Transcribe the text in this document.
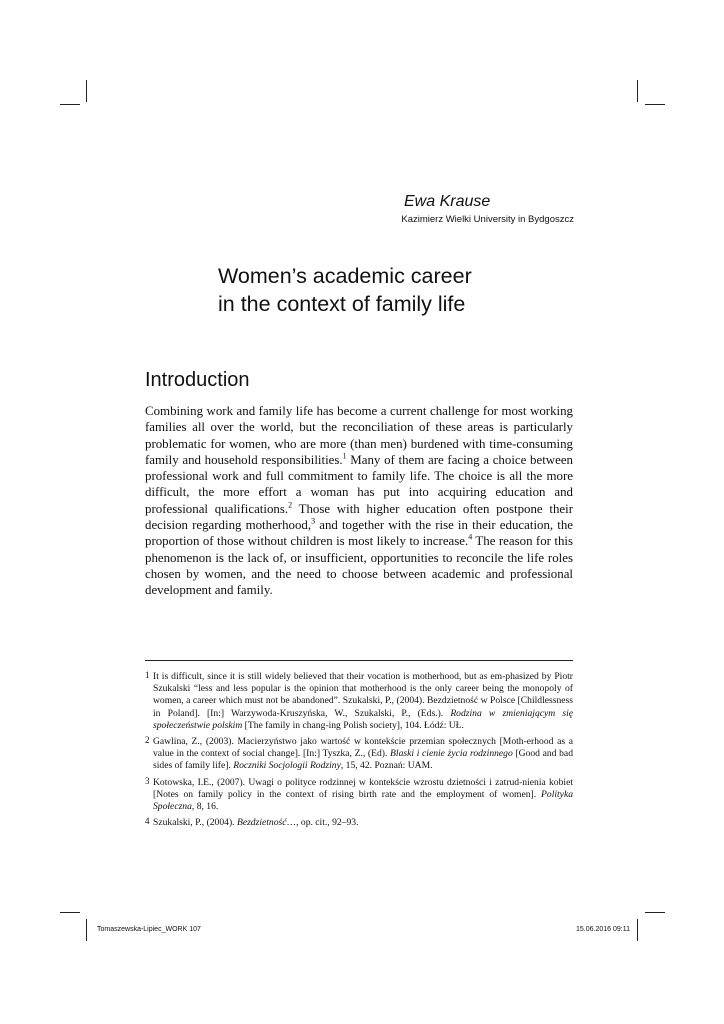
Ewa Krause

Kazimierz Wielki University in Bydgoszcz

Women’s academic career
in the context of family life
Introduction

Combining work and family life has become a current challenge for most working families all over the world, but the reconciliation of these areas is particularly problematic for women, who are more (than men) burdened with time-consuming family and household responsibilities.$^1$ Many of them are facing a choice between professional work and full commitment to family life. The choice is all the more difficult, the more effort a woman has put into acquiring education and professional qualifications.$^2$ Those with higher education often postpone their decision regarding motherhood,$^3$ and together with the rise in their education, the proportion of those without children is most likely to increase.$^4$ The reason for this phenomenon is the lack of, or insufficient, opportunities to reconcile the life roles chosen by women, and the need to choose between academic and professional development and family.

1 It is difficult, since it is still widely believed that their vocation is motherhood, but as em-phasized by Piotr Szukalski “less and less popular is the opinion that motherhood is the only career being the monopoly of women, a career which must not be abandoned”. Szukalski, P., (2004). Bezdzietność w Polsce [Childlessness in Poland]. [In:] Warzywoda-Kruszyńska, W., Szukalski, P., (Eds.). Rodzina w zmieniającym się społeczeństwie polskim [The family in chang-ing Polish society], 104. Łódź: UŁ.
2 Gawlina, Z., (2003). Macierzyństwo jako wartość w kontekście przemian społecznych [Moth-erhood as a value in the context of social change]. [In:] Tyszka, Z., (Ed). Blaski i cienie życia rodzinnego [Good and bad sides of family life]. Roczniki Socjologii Rodziny, 15, 42. Poznań: UAM.
3 Kotowska, I.E., (2007). Uwagi o polityce rodzinnej w kontekście wzrostu dzietności i zatrud-nienia kobiet [Notes on family policy in the context of rising birth rate and the employment of women]. Polityka Społeczna, 8, 16.
4 Szukalski, P., (2004). Bezdzietność…, op. cit., 92–93.
Tomaszewska-Lipiec_WORK 107	15.06.2016 09:11
